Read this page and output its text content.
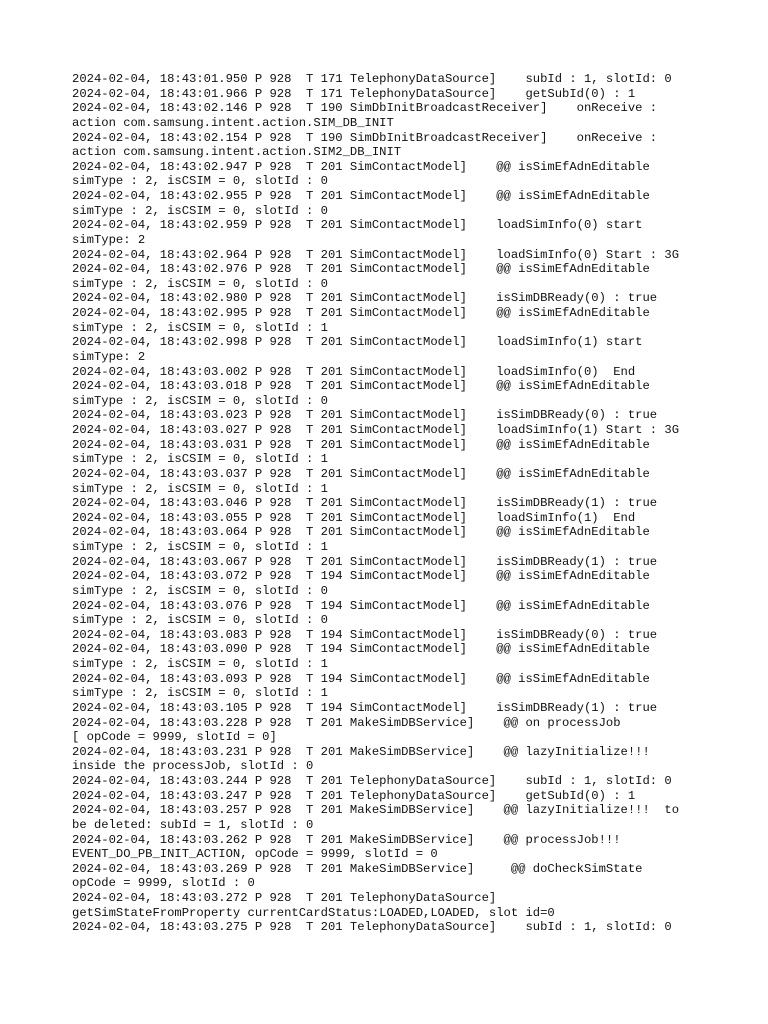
2024-02-04, 18:43:01.950 P 928  T 171 TelephonyDataSource]    subId : 1, slotId: 0
2024-02-04, 18:43:01.966 P 928  T 171 TelephonyDataSource]    getSubId(0) : 1
2024-02-04, 18:43:02.146 P 928  T 190 SimDbInitBroadcastReceiver]    onReceive :
action com.samsung.intent.action.SIM_DB_INIT
2024-02-04, 18:43:02.154 P 928  T 190 SimDbInitBroadcastReceiver]    onReceive :
action com.samsung.intent.action.SIM2_DB_INIT
2024-02-04, 18:43:02.947 P 928  T 201 SimContactModel]    @@ isSimEfAdnEditable
simType : 2, isCSIM = 0, slotId : 0
2024-02-04, 18:43:02.955 P 928  T 201 SimContactModel]    @@ isSimEfAdnEditable
simType : 2, isCSIM = 0, slotId : 0
2024-02-04, 18:43:02.959 P 928  T 201 SimContactModel]    loadSimInfo(0) start
simType: 2
2024-02-04, 18:43:02.964 P 928  T 201 SimContactModel]    loadSimInfo(0) Start : 3G
2024-02-04, 18:43:02.976 P 928  T 201 SimContactModel]    @@ isSimEfAdnEditable
simType : 2, isCSIM = 0, slotId : 0
2024-02-04, 18:43:02.980 P 928  T 201 SimContactModel]    isSimDBReady(0) : true
2024-02-04, 18:43:02.995 P 928  T 201 SimContactModel]    @@ isSimEfAdnEditable
simType : 2, isCSIM = 0, slotId : 1
2024-02-04, 18:43:02.998 P 928  T 201 SimContactModel]    loadSimInfo(1) start
simType: 2
2024-02-04, 18:43:03.002 P 928  T 201 SimContactModel]    loadSimInfo(0)  End
2024-02-04, 18:43:03.018 P 928  T 201 SimContactModel]    @@ isSimEfAdnEditable
simType : 2, isCSIM = 0, slotId : 0
2024-02-04, 18:43:03.023 P 928  T 201 SimContactModel]    isSimDBReady(0) : true
2024-02-04, 18:43:03.027 P 928  T 201 SimContactModel]    loadSimInfo(1) Start : 3G
2024-02-04, 18:43:03.031 P 928  T 201 SimContactModel]    @@ isSimEfAdnEditable
simType : 2, isCSIM = 0, slotId : 1
2024-02-04, 18:43:03.037 P 928  T 201 SimContactModel]    @@ isSimEfAdnEditable
simType : 2, isCSIM = 0, slotId : 1
2024-02-04, 18:43:03.046 P 928  T 201 SimContactModel]    isSimDBReady(1) : true
2024-02-04, 18:43:03.055 P 928  T 201 SimContactModel]    loadSimInfo(1)  End
2024-02-04, 18:43:03.064 P 928  T 201 SimContactModel]    @@ isSimEfAdnEditable
simType : 2, isCSIM = 0, slotId : 1
2024-02-04, 18:43:03.067 P 928  T 201 SimContactModel]    isSimDBReady(1) : true
2024-02-04, 18:43:03.072 P 928  T 194 SimContactModel]    @@ isSimEfAdnEditable
simType : 2, isCSIM = 0, slotId : 0
2024-02-04, 18:43:03.076 P 928  T 194 SimContactModel]    @@ isSimEfAdnEditable
simType : 2, isCSIM = 0, slotId : 0
2024-02-04, 18:43:03.083 P 928  T 194 SimContactModel]    isSimDBReady(0) : true
2024-02-04, 18:43:03.090 P 928  T 194 SimContactModel]    @@ isSimEfAdnEditable
simType : 2, isCSIM = 0, slotId : 1
2024-02-04, 18:43:03.093 P 928  T 194 SimContactModel]    @@ isSimEfAdnEditable
simType : 2, isCSIM = 0, slotId : 1
2024-02-04, 18:43:03.105 P 928  T 194 SimContactModel]    isSimDBReady(1) : true
2024-02-04, 18:43:03.228 P 928  T 201 MakeSimDBService]    @@ on processJob
[ opCode = 9999, slotId = 0]
2024-02-04, 18:43:03.231 P 928  T 201 MakeSimDBService]    @@ lazyInitialize!!!
inside the processJob, slotId : 0
2024-02-04, 18:43:03.244 P 928  T 201 TelephonyDataSource]    subId : 1, slotId: 0
2024-02-04, 18:43:03.247 P 928  T 201 TelephonyDataSource]    getSubId(0) : 1
2024-02-04, 18:43:03.257 P 928  T 201 MakeSimDBService]    @@ lazyInitialize!!!  to
be deleted: subId = 1, slotId : 0
2024-02-04, 18:43:03.262 P 928  T 201 MakeSimDBService]    @@ processJob!!!
EVENT_DO_PB_INIT_ACTION, opCode = 9999, slotId = 0
2024-02-04, 18:43:03.269 P 928  T 201 MakeSimDBService]     @@ doCheckSimState
opCode = 9999, slotId : 0
2024-02-04, 18:43:03.272 P 928  T 201 TelephonyDataSource]
getSimStateFromProperty currentCardStatus:LOADED,LOADED, slot id=0
2024-02-04, 18:43:03.275 P 928  T 201 TelephonyDataSource]    subId : 1, slotId: 0
